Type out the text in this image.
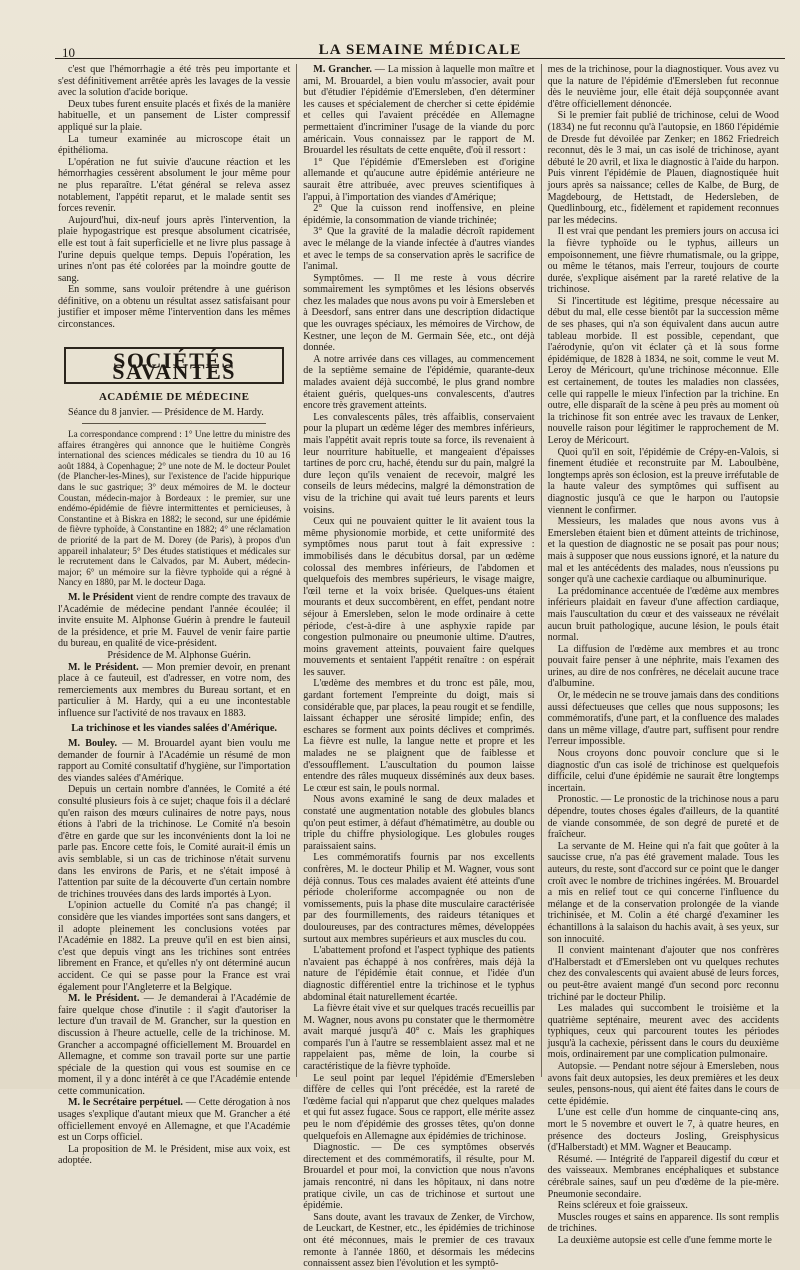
10	LA SEMAINE MÉDICALE

c'est que l'hémorrhagie a été très peu importante et s'est définitivement arrêtée après les lavages de la vessie avec la solution d'acide borique.

Deux tubes furent ensuite placés et fixés de la manière habituelle, et un pansement de Lister compressif appliqué sur la plaie.

La tumeur examinée au microscope était un épithélioma.

L'opération ne fut suivie d'aucune réaction et les hémorrhagies cessèrent absolument le jour même pour ne plus reparaître. L'état général se releva assez notablement, l'appétit reparut, et le malade sentit ses forces revenir.

Aujourd'hui, dix-neuf jours après l'intervention, la plaie hypogastrique est presque absolument cicatrisée, elle est tout à fait superficielle et ne livre plus passage à l'urine depuis quelque temps. Depuis l'opération, les urines n'ont pas été colorées par la moindre goutte de sang.

En somme, sans vouloir prétendre à une guérison définitive, on a obtenu un résultat assez satisfaisant pour justifier et imposer même l'intervention dans les mêmes circonstances.

SOCIÉTÉS SAVANTES
ACADÉMIE DE MÉDECINE

Séance du 8 janvier. — Présidence de M. Hardy.

La correspondance comprend : 1° Une lettre du ministre des affaires étrangères qui annonce que le huitième Congrès international des sciences médicales se tiendra du 10 au 16 août 1884, à Copenhague; 2° une note de M. le docteur Poulet (de Plancher-les-Mines), sur l'existence de l'acide hippurique dans le suc gastrique; 3° deux mémoires de M. le docteur Coustan, médecin-major à Bordeaux : le premier, sur une endémo-épidémie de fièvre intermittentes et pernicieuses, à Constantine et à Biskra en 1882; le second, sur une épidémie de fièvre typhoïde, à Constantine en 1882; 4° une réclamation de priorité de la part de M. Dorey (de Paris), à propos d'un appareil inhalateur; 5° Des études statistiques et médicales sur le recrutement dans le Calvados, par M. Aubert, médecin-major; 6° un mémoire sur la fièvre typhoïde qui a régné à Nancy en 1880, par M. le docteur Daga.

M. le Président vient de rendre compte des travaux de l'Académie de médecine pendant l'année écoulée; il invite ensuite M. Alphonse Guérin à prendre le fauteuil de la présidence, et prie M. Fauvel de venir faire partie du bureau, en qualité de vice-président.

Présidence de M. Alphonse Guérin.

M. le Président. — Mon premier devoir, en prenant place à ce fauteuil, est d'adresser, en votre nom, des remerciements aux membres du Bureau sortant, et en particulier à M. Hardy, qui a eu une incontestable influence sur l'activité de nos travaux en 1883.

La trichinose et les viandes salées d'Amérique.

M. Bouley. — M. Brouardel ayant bien voulu me demander de fournir à l'Académie un résumé de mon rapport au Comité consultatif d'hygiène, sur l'importation des viandes salées d'Amérique.

Depuis un certain nombre d'années, le Comité a été consulté plusieurs fois à ce sujet; chaque fois il a déclaré qu'en raison des mœurs culinaires de notre pays, nous étions à l'abri de la trichinose. Le Comité n'a besoin d'être en garde que sur les inconvénients dont la loi ne parle pas. Encore cette fois, le Comité aurait-il émis un avis semblable, si un cas de trichinose n'était survenu dans les environs de Paris, et ne s'était imposé à l'attention par suite de la découverte d'un certain nombre de trichines trouvées dans des lards importés à Lyon.

L'opinion actuelle du Comité n'a pas changé; il considère que les viandes importées sont sans dangers, et il adopte pleinement les conclusions votées par l'Académie en 1882. La preuve qu'il en est bien ainsi, c'est que depuis vingt ans les trichines sont entrées librement en France, et qu'elles n'y ont déterminé aucun accident. Ce qui se passe pour la France est vrai également pour l'Angleterre et la Belgique.

M. le Président. — Je demanderai à l'Académie de faire quelque chose d'inutile : il s'agit d'autoriser la lecture d'un travail de M. Grancher, sur la question en discussion à l'heure actuelle, celle de la trichinose. M. Grancher a accompagné officiellement M. Brouardel en Allemagne, et comme son travail porte sur une partie spéciale de la question qui vous est soumise en ce moment, il y a donc intérêt à ce que l'Académie entende cette communication.

M. le Secrétaire perpétuel. — Cette dérogation à nos usages s'explique d'autant mieux que M. Grancher a été officiellement envoyé en Allemagne, et que l'Académie est un Corps officiel.

La proposition de M. le Président, mise aux voix, est adoptée.

M. Grancher. — La mission à laquelle mon maître et ami, M. Brouardel, a bien voulu m'associer, avait pour but d'étudier l'épidémie d'Emersleben, d'en déterminer les causes et spécialement de chercher si cette épidémie et celles qui l'avaient précédée en Allemagne permettaient d'incriminer l'usage de la viande du porc américain. Vous connaissez par le rapport de M. Brouardel les résultats de cette enquête, d'où il ressort :

1° Que l'épidémie d'Emersleben est d'origine allemande et qu'aucune autre épidémie antérieure ne saurait être attribuée, avec preuves scientifiques à l'appui, à l'importation des viandes d'Amérique;

2° Que la cuisson rend inoffensive, en pleine épidémie, la consommation de viande trichinée;

3° Que la gravité de la maladie décroît rapidement avec le mélange de la viande infectée à d'autres viandes et avec le temps de sa conservation après le sacrifice de l'animal.

Symptômes. — Il me reste à vous décrire sommairement les symptômes et les lésions observés chez les malades que nous avons pu voir à Emersleben et à Deesdorf, sans entrer dans une description didactique que les ouvrages spéciaux, les mémoires de Virchow, de Kestner, une leçon de M. Germain Sée, etc., ont déjà donnée.

A notre arrivée dans ces villages, au commencement de la septième semaine de l'épidémie, quarante-deux malades avaient déjà succombé, le plus grand nombre étaient guéris, quelques-uns convalescents, d'autres encore très gravement atteints.

Les convalescents pâles, très affaiblis, conservaient pour la plupart un œdème léger des membres inférieurs, mais l'appétit avait repris toute sa force, ils revenaient à leur nourriture habituelle, et mangeaient d'épaisses tartines de porc cru, haché, étendu sur du pain, malgré la dure leçon qu'ils venaient de recevoir, malgré les conseils de leurs médecins, malgré la démonstration de visu de la trichine qui avait tué leurs parents et leurs voisins.

Ceux qui ne pouvaient quitter le lit avaient tous la même physionomie morbide, et cette uniformité des symptômes nous parut tout à fait expressive : immobilisés dans le décubitus dorsal, par un œdème colossal des membres inférieurs, de l'abdomen et quelquefois des membres supérieurs, le visage maigre, l'œil terne et la voix brisée. Quelques-uns étaient mourants et deux succombèrent, en effet, pendant notre séjour à Emersleben, selon le mode ordinaire à cette période, c'est-à-dire à une asphyxie rapide par congestion pulmonaire ou pneumonie ultime. D'autres, moins gravement atteints, pouvaient faire quelques mouvements et sentaient l'appétit renaître : on espérait les sauver.

L'œdème des membres et du tronc est pâle, mou, gardant fortement l'empreinte du doigt, mais si considérable que, par places, la peau rougit et se fendille, laissant échapper une sérosité limpide; enfin, des eschares se forment aux points déclives et comprimés. La fièvre est nulle, la langue nette et propre et les malades ne se plaignent que de faiblesse et d'essoufflement. L'auscultation du poumon laisse entendre des râles muqueux disséminés aux deux bases. Le cœur est sain, le pouls normal.

Nous avons examiné le sang de deux malades et constaté une augmentation notable des globules blancs qu'on peut estimer, à défaut d'hématimètre, au double ou triple du chiffre physiologique. Les globules rouges paraissaient sains.

Les commémoratifs fournis par nos excellents confrères, M. le docteur Philip et M. Wagner, vous sont déjà connus. Tous ces malades avaient été atteints d'une période choleriforme accompagnée ou non de vomissements, puis la phase dite musculaire caractérisée par des fourmillements, des raideurs tétaniques et douloureuses, par des contractures mêmes, développées surtout aux membres supérieurs et aux muscles du cou.

L'abattement profond et l'aspect typhique des patients n'avaient pas échappé à nos confrères, mais déjà la nature de l'épidémie était connue, et l'idée d'un diagnostic différentiel entre la trichinose et le typhus abdominal était naturellement écartée.

La fièvre était vive et sur quelques tracés recueillis par M. Wagner, nous avons pu constater que le thermomètre avait marqué jusqu'à 40° c. Mais les graphiques comparés l'un à l'autre se ressemblaient assez mal et ne rappelaient pas, même de loin, la courbe si caractéristique de la fièvre typhoïde.

Le seul point par lequel l'épidémie d'Emersleben diffère de celles qui l'ont précédée, est la rareté de l'œdème facial qui n'apparut que chez quelques malades et qui fut assez fugace. Sous ce rapport, elle mérite assez peu le nom d'épidémie des grosses têtes, qu'on donne quelquefois en Allemagne aux épidémies de trichinose.

Diagnostic. — De ces symptômes observés directement et des commémoratifs, il résulte, pour M. Brouardel et pour moi, la conviction que nous n'avons jamais rencontré, ni dans les hôpitaux, ni dans notre pratique civile, un cas de trichinose et surtout une épidémie.

Sans doute, avant les travaux de Zenker, de Virchow, de Leuckart, de Kestner, etc., les épidémies de trichinose ont été méconnues, mais le premier de ces travaux remonte à l'année 1860, et désormais les médecins connaissent assez bien l'évolution et les symptô-

mes de la trichinose, pour la diagnostiquer. Vous avez vu que la nature de l'épidémie d'Emersleben fut reconnue dès le neuvième jour, elle était déjà soupçonnée avant d'être officiellement dénoncée.

Si le premier fait publié de trichinose, celui de Wood (1834) ne fut reconnu qu'à l'autopsie, en 1860 l'épidémie de Dresde fut dévoilée par Zenker; en 1862 Friedreich reconnut, dès le 3 mai, un cas isolé de trichinose, ayant débuté le 20 avril, et lixa le diagnostic à l'aide du harpon. Puis vinrent l'épidémie de Plauen, diagnostiquée huit jours après sa naissance; celles de Kalbe, de Burg, de Magdebourg, de Hettstadt, de Hedersleben, de Quedlinbourg, etc., fidèlement et rapidement reconnues par les médecins.

Il est vrai que pendant les premiers jours on accusa ici la fièvre typhoïde ou le typhus, ailleurs un empoisonnement, une fièvre rhumatismale, ou la grippe, ou même le tétanos, mais l'erreur, toujours de courte durée, s'explique aisément par la rareté relative de la trichinose.

Si l'incertitude est légitime, presque nécessaire au début du mal, elle cesse bientôt par la succession même de ses phases, qui n'a son équivalent dans aucun autre tableau morbide. Il est possible, cependant, que l'aérodynie, qu'on vit éclater çà et là sous forme épidémique, de 1828 à 1834, ne soit, comme le veut M. Leroy de Méricourt, qu'une trichinose méconnue. Elle est certainement, de toutes les maladies non classées, celle qui rappelle le mieux l'infection par la trichine. En outre, elle disparaît de la scène à peu près au moment où la trichinose fit son entrée avec les travaux de Lenker, nouvelle raison pour légitimer le rapprochement de M. Leroy de Méricourt.

Quoi qu'il en soit, l'épidémie de Crépy-en-Valois, si finement étudiée et reconstruite par M. Laboulbène, longtemps après son éclosion, est la preuve irréfutable de la haute valeur des symptômes qui suffisent au diagnostic jusqu'à ce que le harpon ou l'autopsie viennent le confirmer.

Messieurs, les malades que nous avons vus à Emersleben étaient bien et dûment atteints de trichinose, et la question de diagnostic ne se posait pas pour nous; mais à supposer que nous eussions ignoré, et la nature du mal et les antécédents des malades, nous n'eussions pu songer qu'à une cachexie cardiaque ou albuminurique.

La prédominance accentuée de l'œdème aux membres inférieurs plaidait en faveur d'une affection cardiaque, mais l'auscultation du cœur et des vaisseaux ne révélait aucun bruit pathologique, aucune lésion, le pouls était normal.

La diffusion de l'œdème aux membres et au tronc pouvait faire penser à une néphrite, mais l'examen des urines, au dire de nos confrères, ne décelait aucune trace d'albumine.

Or, le médecin ne se trouve jamais dans des conditions aussi défectueuses que celles que nous supposons; les commémoratifs, d'une part, et la confluence des malades dans un même village, d'autre part, suffisent pour rendre l'erreur impossible.

Nous croyons donc pouvoir conclure que si le diagnostic d'un cas isolé de trichinose est quelquefois difficile, celui d'une épidémie ne saurait être longtemps incertain.

Pronostic. — Le pronostic de la trichinose nous a paru dépendre, toutes choses égales d'ailleurs, de la quantité de viande consommée, de son degré de pureté et de fraîcheur.

La servante de M. Heine qui n'a fait que goûter à la saucisse crue, n'a pas été gravement malade. Tous les auteurs, du reste, sont d'accord sur ce point que le danger croît avec le nombre de trichines ingérées. M. Brouardel a mis en relief tout ce qui concerne l'influence du mélange et de la conservation prolongée de la viande trichinisée, et M. Colin a été chargé d'examiner les échantillons à la salaison du hachis avait, à ses yeux, sur son innocuité.

Il convient maintenant d'ajouter que nos confrères d'Halberstadt et d'Emersleben ont vu quelques rechutes chez des convalescents qui avaient abusé de leurs forces, ou peut-être avaient mangé d'un second porc reconnu trichiné par le docteur Philip.

Les malades qui succombent le troisième et la quatrième septénaire, meurent avec des accidents typhiques, ceux qui parcourent toutes les périodes jusqu'à la cachexie, périssent dans le cours du deuxième mois, ordinairement par une complication pulmonaire.

Autopsie. — Pendant notre séjour à Emersleben, nous avons fait deux autopsies, les deux premières et les deux seules, pensons-nous, qui aient été faites dans le cours de cette épidémie.

L'une est celle d'un homme de cinquante-cinq ans, mort le 5 novembre et ouvert le 7, à quatre heures, en présence des docteurs Josling, Greisphysicus (d'Halberstadt) et MM. Wagner et Beaucamp.

Résumé. — Intégrité de l'appareil digestif du cœur et des vaisseaux. Membranes encéphaliques et substance cérébrale saines, sauf un peu d'œdème de la pie-mère. Pneumonie secondaire.

Reins scléreux et foie graisseux.

Muscles rouges et sains en apparence. Ils sont remplis de trichines.

La deuxième autopsie est celle d'une femme morte le
